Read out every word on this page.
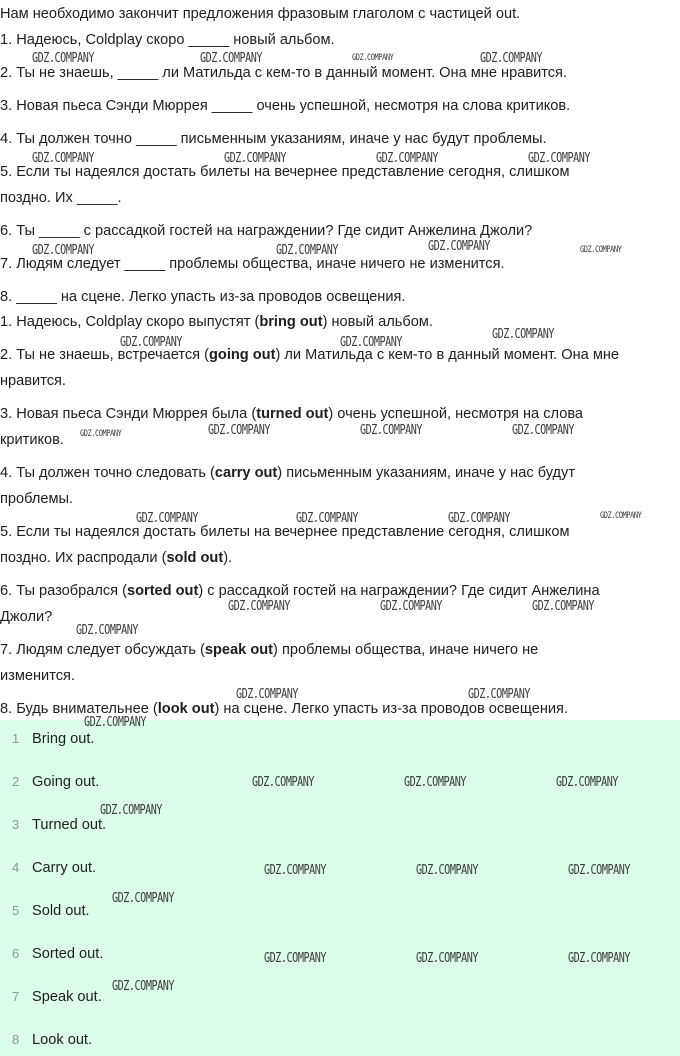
Нам необходимо закончит предложения фразовым глаголом с частицей out.
1. Надеюсь, Coldplay скоро _____ новый альбом.
2. Ты не знаешь, _____ ли Матильда с кем-то в данный момент. Она мне нравится.
3. Новая пьеса Сэнди Мюррея _____ очень успешной, несмотря на слова критиков.
4. Ты должен точно _____ письменным указаниям, иначе у нас будут проблемы.
5. Если ты надеялся достать билеты на вечернее представление сегодня, слишком
поздно. Их _____.
6. Ты _____ с рассадкой гостей на награждении? Где сидит Анжелина Джоли?
7. Людям следует _____ проблемы общества, иначе ничего не изменится.
8. _____ на сцене. Легко упасть из-за проводов освещения.
1. Надеюсь, Coldplay скоро выпустят (bring out) новый альбом.
2. Ты не знаешь, встречается (going out) ли Матильда с кем-то в данный момент. Она мне
нравится.
3. Новая пьеса Сэнди Мюррея была (turned out) очень успешной, несмотря на слова
критиков.
4. Ты должен точно следовать (carry out) письменным указаниям, иначе у нас будут
проблемы.
5. Если ты надеялся достать билеты на вечернее представление сегодня, слишком
поздно. Их распродали (sold out).
6. Ты разобрался (sorted out) с рассадкой гостей на награждении? Где сидит Анжелина
Джоли?
7. Людям следует обсуждать (speak out) проблемы общества, иначе ничего не
изменится.
8. Будь внимательнее (look out) на сцене. Легко упасть из-за проводов освещения.
1 Bring out.
2 Going out.
3 Turned out.
4 Carry out.
5 Sold out.
6 Sorted out.
7 Speak out.
8 Look out.
GDZ.COMPANY	GDZ.COMPANY	GDZ.COMPANY	GDZ.COMPANY
GDZ.COMPANY	GDZ.COMPANY	GDZ.COMPANY	GDZ.COMPANY
GDZ.COMPANY	GDZ.COMPANY	GDZ.COMPANY	GDZ.COMPANY
GDZ.COMPANY
GDZ.COMPANY	GDZ.COMPANY
GDZ.COMPANY	GDZ.COMPANY	GDZ.COMPANY	GDZ.COMPANY
GDZ.COMPANY	GDZ.COMPANY	GDZ.COMPANY	GDZ.COMPANY
GDZ.COMPANY	GDZ.COMPANY	GDZ.COMPANY
GDZ.COMPANY
GDZ.COMPANY	GDZ.COMPANY
GDZ.COMPANY
GDZ.COMPANY	GDZ.COMPANY	GDZ.COMPANY
GDZ.COMPANY
GDZ.COMPANY	GDZ.COMPANY	GDZ.COMPANY
GDZ.COMPANY
GDZ.COMPANY	GDZ.COMPANY	GDZ.COMPANY
GDZ.COMPANY
